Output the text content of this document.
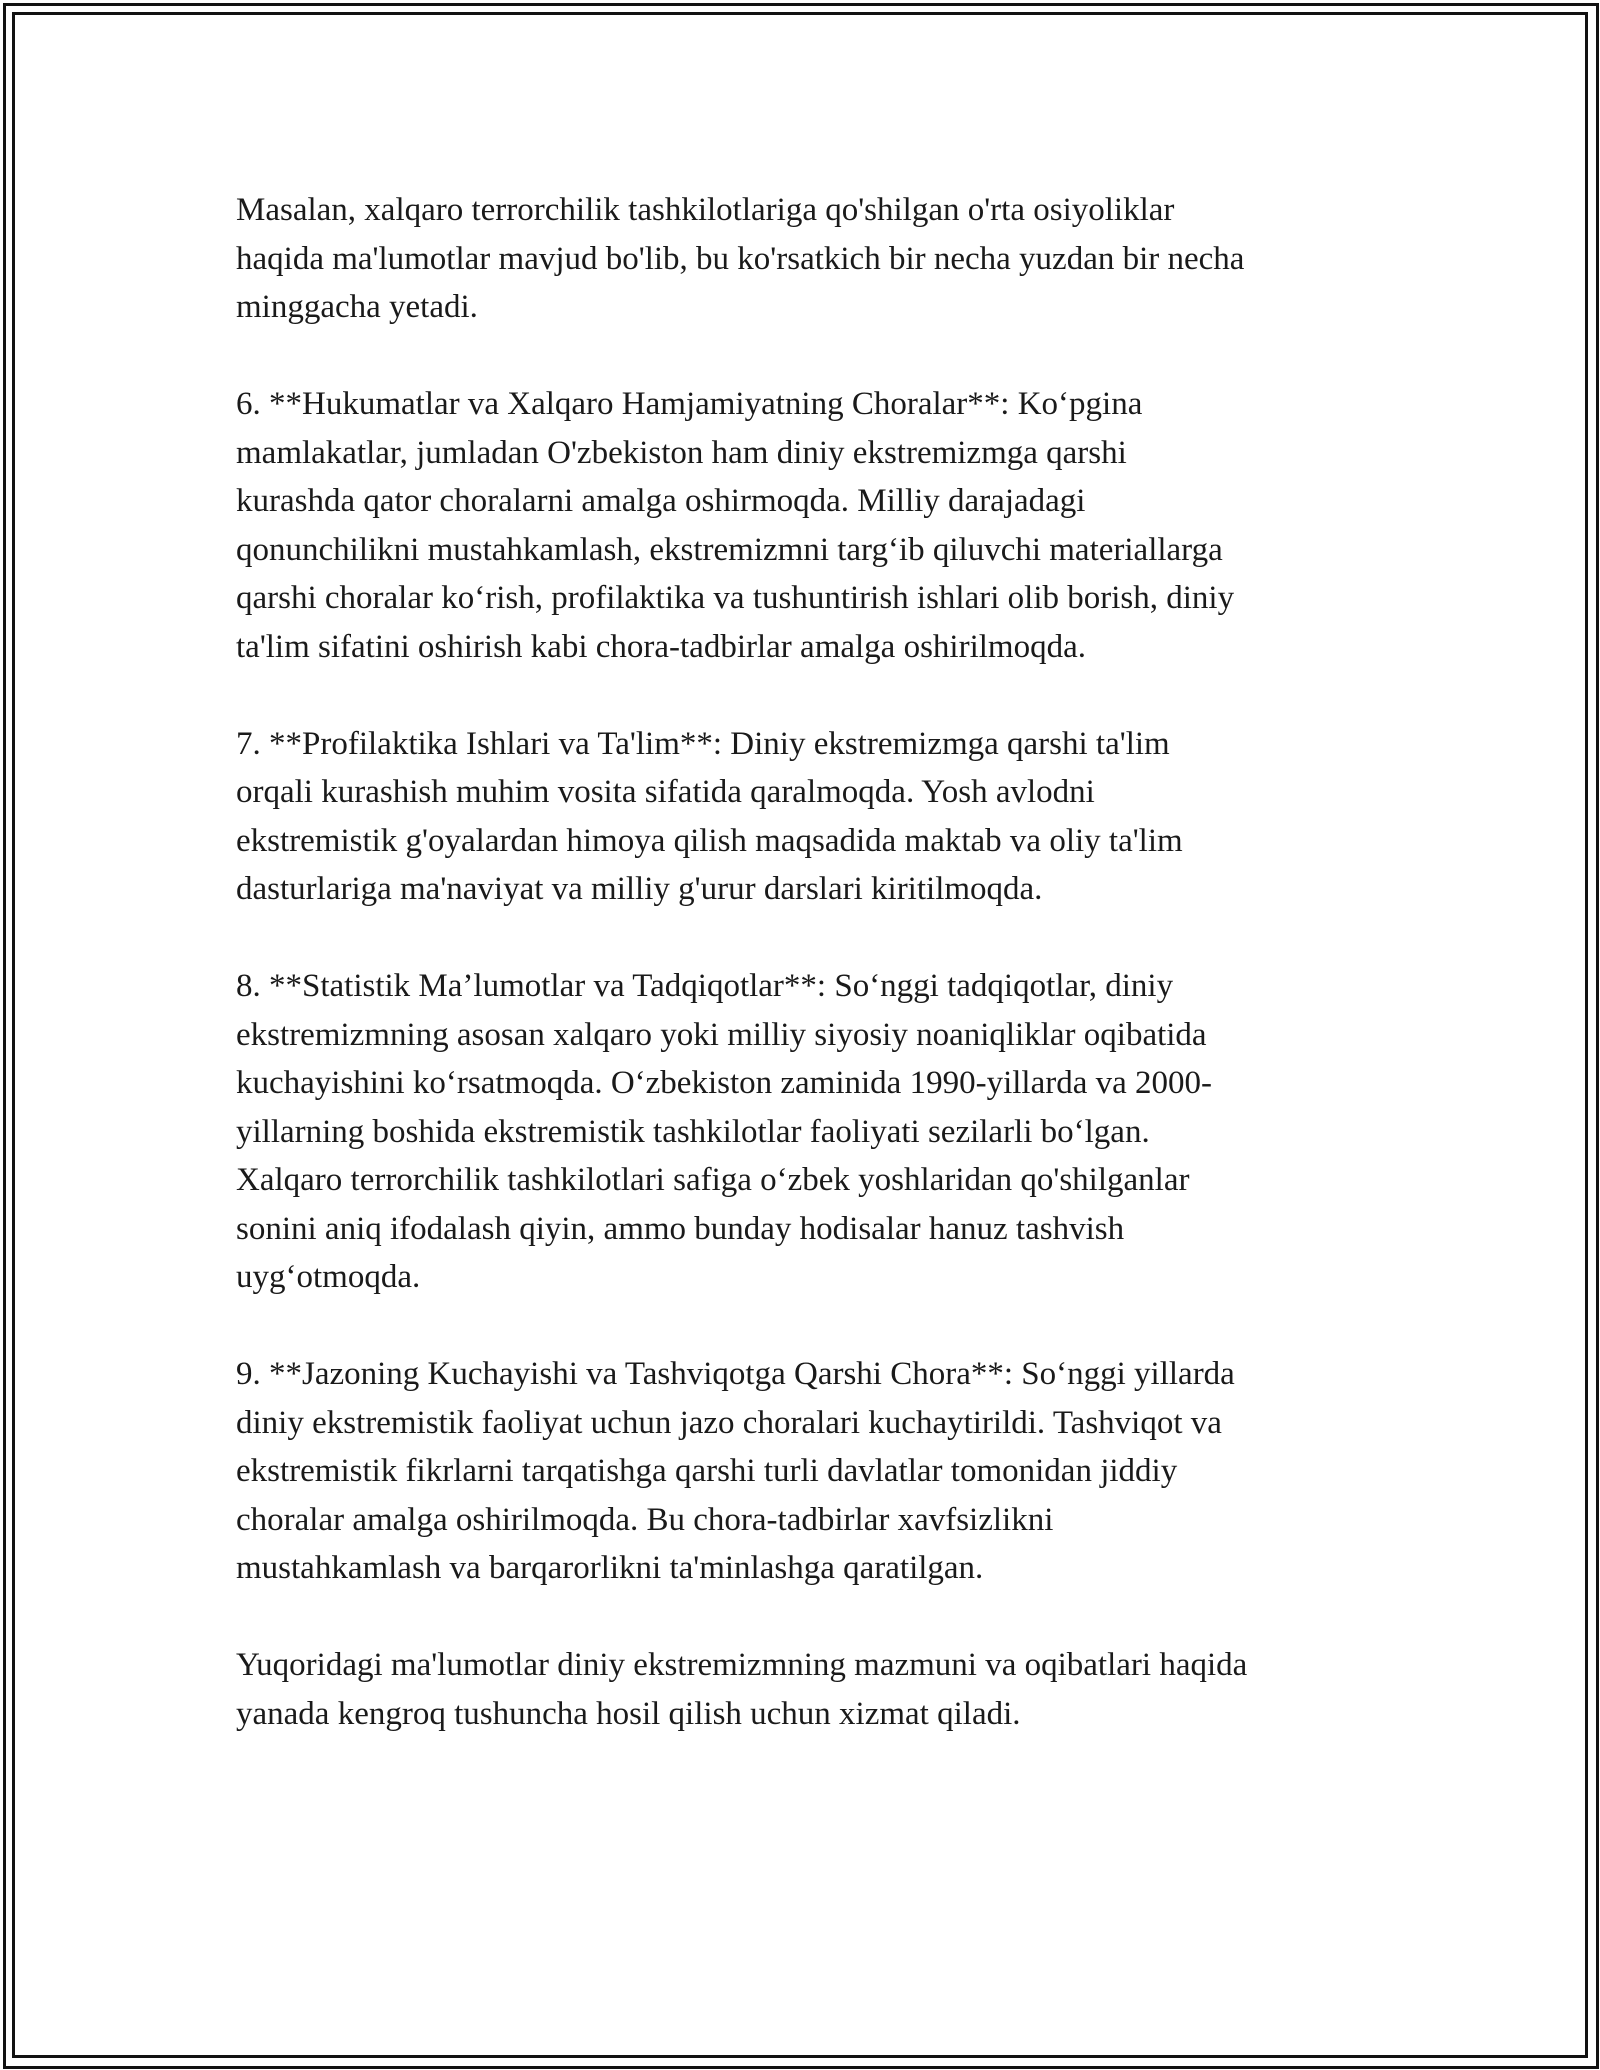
Masalan, xalqaro terrorchilik tashkilotlariga qo'shilgan o'rta osiyoliklar
haqida ma'lumotlar mavjud bo'lib, bu ko'rsatkich bir necha yuzdan bir necha
minggacha yetadi.

6. **Hukumatlar va Xalqaro Hamjamiyatning Choralar**: Koʻpgina
mamlakatlar, jumladan O'zbekiston ham diniy ekstremizmga qarshi
kurashda qator choralarni amalga oshirmoqda. Milliy darajadagi
qonunchilikni mustahkamlash, ekstremizmni targʻib qiluvchi materiallarga
qarshi choralar koʻrish, profilaktika va tushuntirish ishlari olib borish, diniy
ta'lim sifatini oshirish kabi chora-tadbirlar amalga oshirilmoqda.

7. **Profilaktika Ishlari va Ta'lim**: Diniy ekstremizmga qarshi ta'lim
orqali kurashish muhim vosita sifatida qaralmoqda. Yosh avlodni
ekstremistik g'oyalardan himoya qilish maqsadida maktab va oliy ta'lim
dasturlariga ma'naviyat va milliy g'urur darslari kiritilmoqda.

8. **Statistik Ma’lumotlar va Tadqiqotlar**: Soʻnggi tadqiqotlar, diniy
ekstremizmning asosan xalqaro yoki milliy siyosiy noaniqliklar oqibatida
kuchayishini koʻrsatmoqda. Oʻzbekiston zaminida 1990-yillarda va 2000-
yillarning boshida ekstremistik tashkilotlar faoliyati sezilarli boʻlgan.
Xalqaro terrorchilik tashkilotlari safiga oʻzbek yoshlaridan qo'shilganlar
sonini aniq ifodalash qiyin, ammo bunday hodisalar hanuz tashvish
uygʻotmoqda.

9. **Jazoning Kuchayishi va Tashviqotga Qarshi Chora**: Soʻnggi yillarda
diniy ekstremistik faoliyat uchun jazo choralari kuchaytirildi. Tashviqot va
ekstremistik fikrlarni tarqatishga qarshi turli davlatlar tomonidan jiddiy
choralar amalga oshirilmoqda. Bu chora-tadbirlar xavfsizlikni
mustahkamlash va barqarorlikni ta'minlashga qaratilgan.

Yuqoridagi ma'lumotlar diniy ekstremizmning mazmuni va oqibatlari haqida
yanada kengroq tushuncha hosil qilish uchun xizmat qiladi.
